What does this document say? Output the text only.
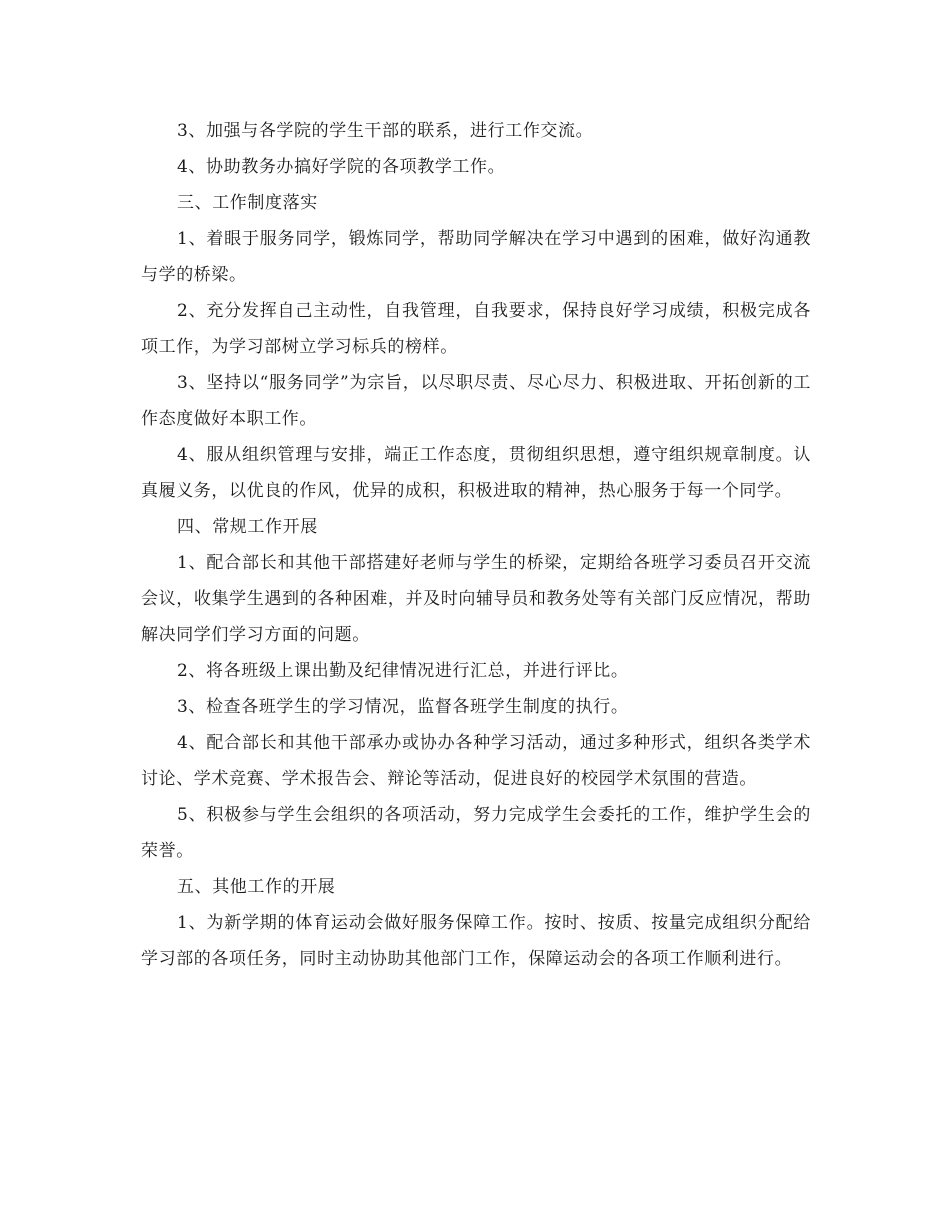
3、加强与各学院的学生干部的联系，进行工作交流。

4、协助教务办搞好学院的各项教学工作。

三、工作制度落实

1、着眼于服务同学，锻炼同学，帮助同学解决在学习中遇到的困难，做好沟通教与学的桥梁。

2、充分发挥自己主动性，自我管理，自我要求，保持良好学习成绩，积极完成各项工作，为学习部树立学习标兵的榜样。

3、坚持以“服务同学”为宗旨，以尽职尽责、尽心尽力、积极进取、开拓创新的工作态度做好本职工作。

4、服从组织管理与安排，端正工作态度，贯彻组织思想，遵守组织规章制度。认真履义务，以优良的作风，优异的成积，积极进取的精神，热心服务于每一个同学。

四、常规工作开展

1、配合部长和其他干部搭建好老师与学生的桥梁，定期给各班学习委员召开交流会议，收集学生遇到的各种困难，并及时向辅导员和教务处等有关部门反应情况，帮助解决同学们学习方面的问题。

2、将各班级上课出勤及纪律情况进行汇总，并进行评比。

3、检查各班学生的学习情况，监督各班学生制度的执行。

4、配合部长和其他干部承办或协办各种学习活动，通过多种形式，组织各类学术讨论、学术竞赛、学术报告会、辩论等活动，促进良好的校园学术氛围的营造。

5、积极参与学生会组织的各项活动，努力完成学生会委托的工作，维护学生会的荣誉。

五、其他工作的开展

1、为新学期的体育运动会做好服务保障工作。按时、按质、按量完成组织分配给学习部的各项任务，同时主动协助其他部门工作，保障运动会的各项工作顺利进行。
